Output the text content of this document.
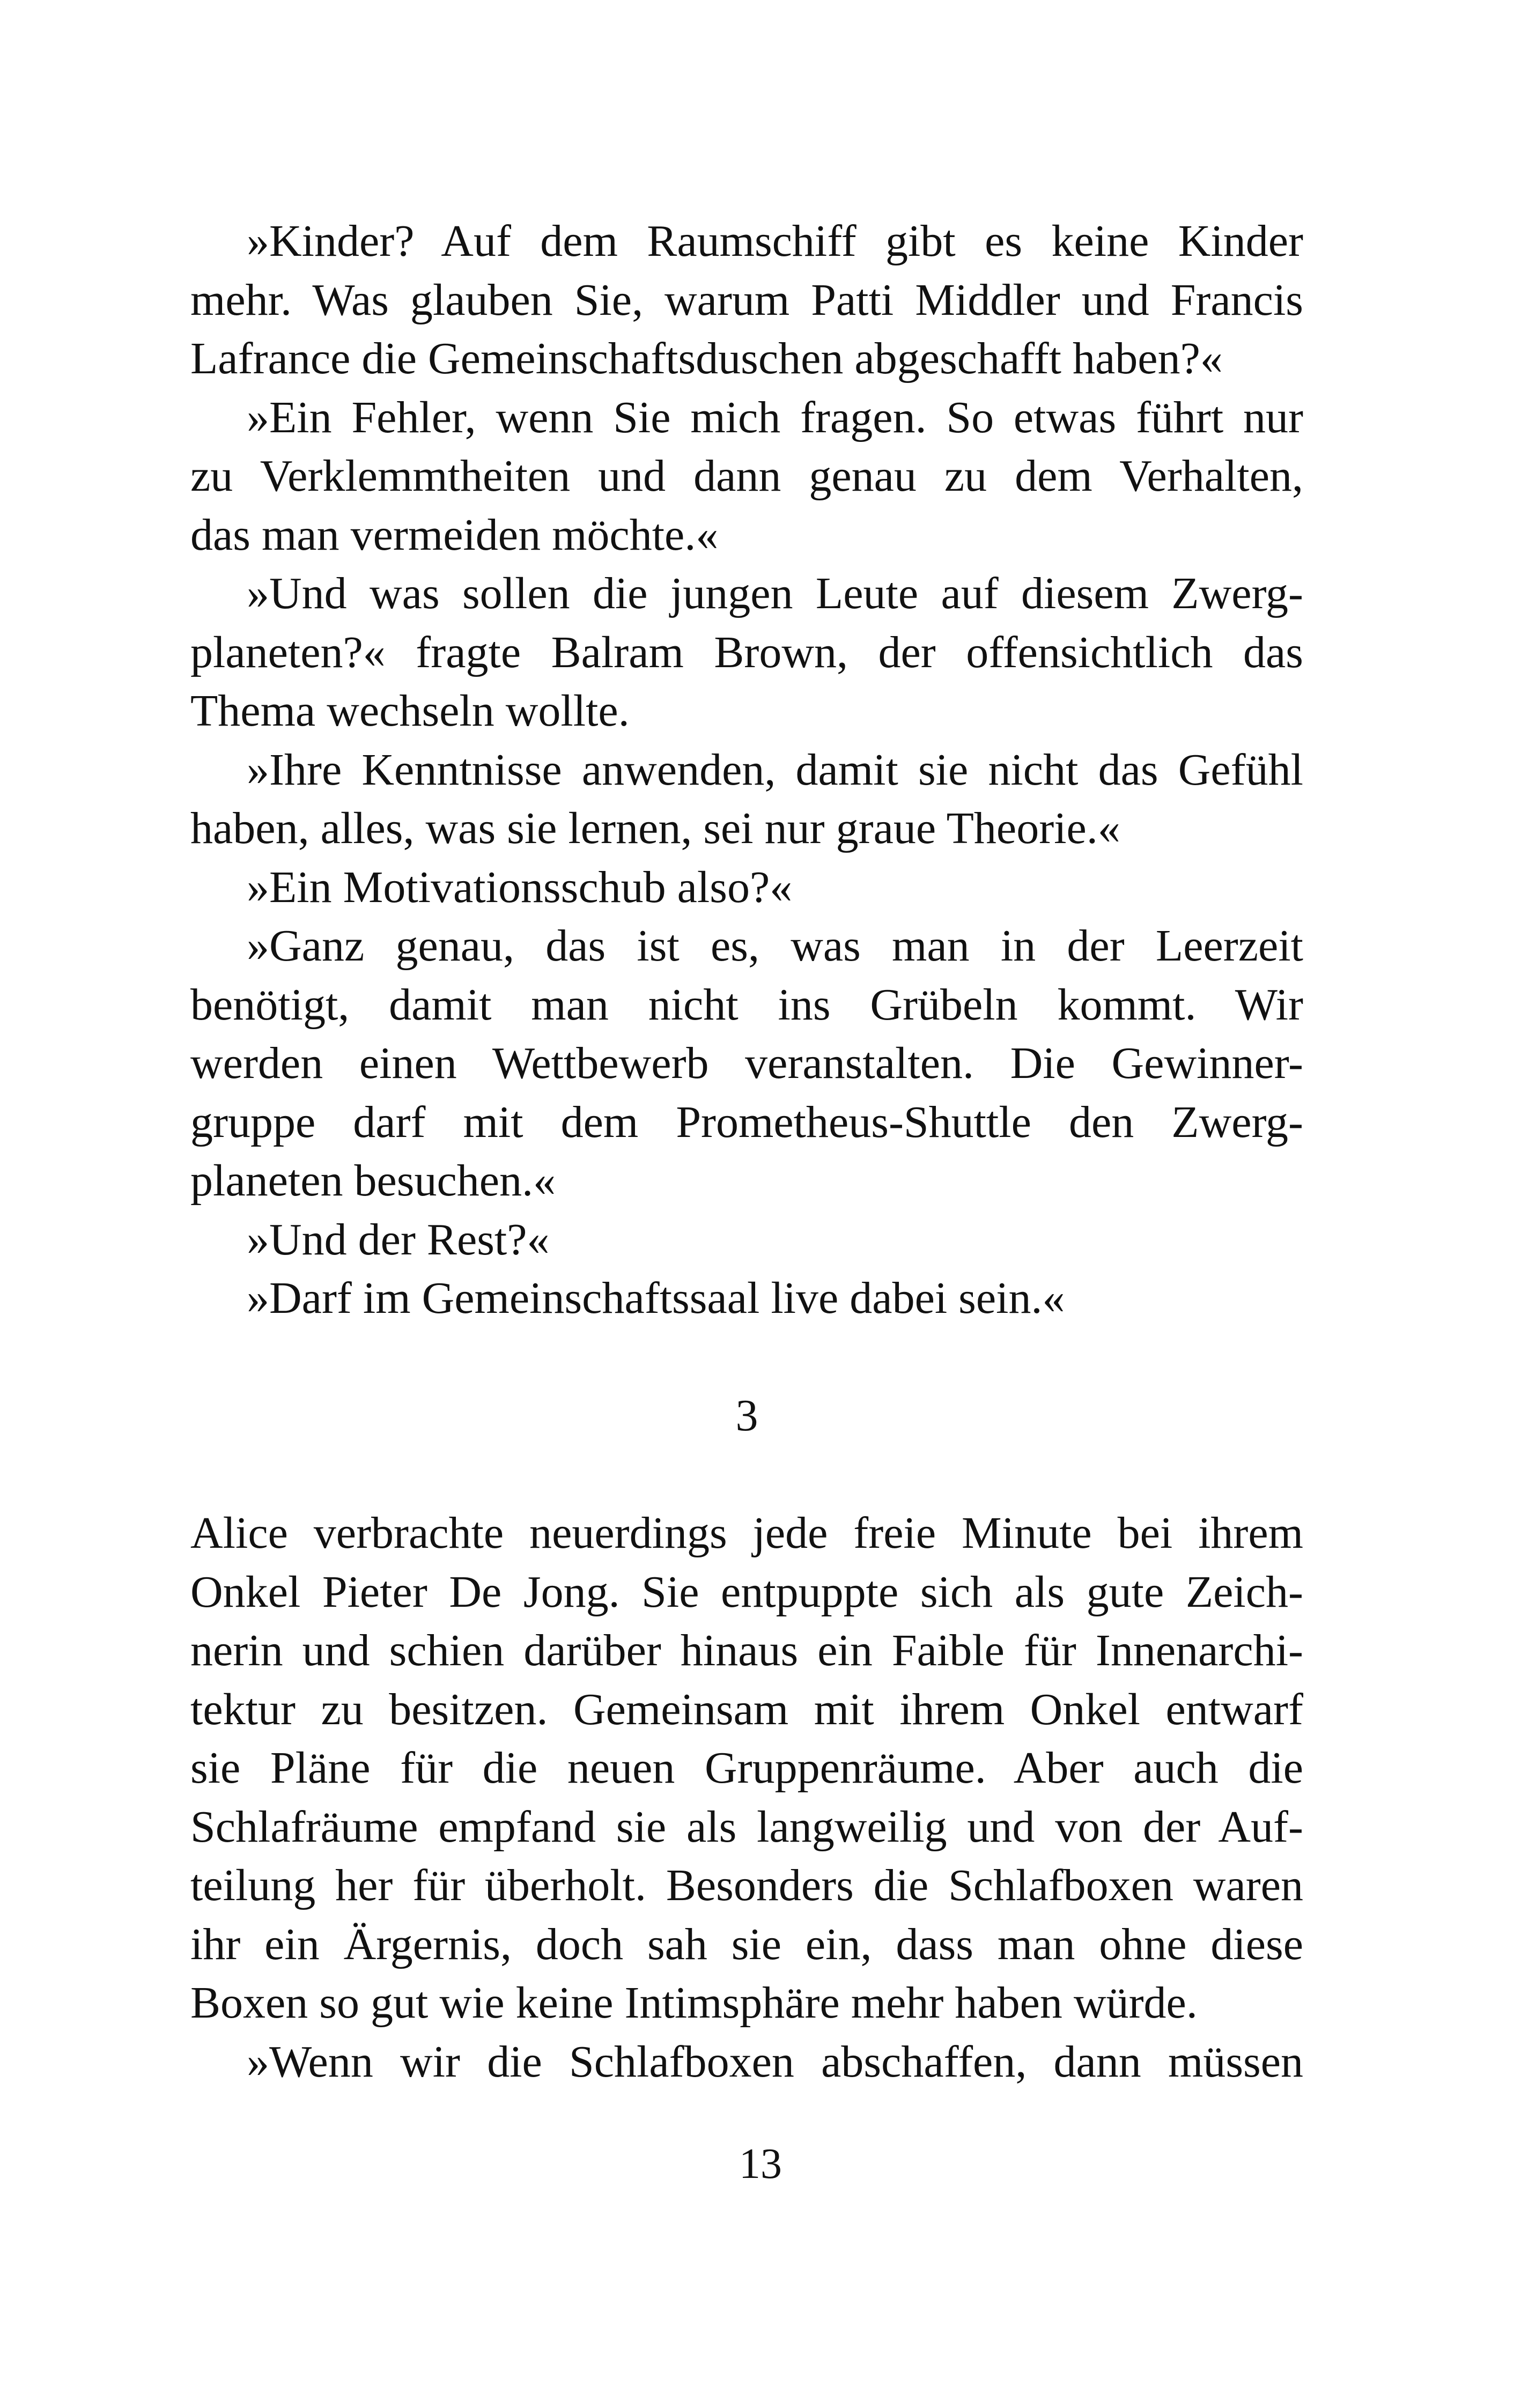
»Kinder? Auf dem Raumschiff gibt es keine Kinder
mehr. Was glauben Sie, warum Patti Middler und Francis
Lafrance die Gemeinschaftsduschen abgeschafft haben?«
»Ein Fehler, wenn Sie mich fragen. So etwas führt nur
zu Verklemmtheiten und dann genau zu dem Verhalten,
das man vermeiden möchte.«
»Und was sollen die jungen Leute auf diesem Zwerg-
planeten?« fragte Balram Brown, der offensichtlich das
Thema wechseln wollte.
»Ihre Kenntnisse anwenden, damit sie nicht das Gefühl
haben, alles, was sie lernen, sei nur graue Theorie.«
»Ein Motivationsschub also?«
»Ganz genau, das ist es, was man in der Leerzeit
benötigt, damit man nicht ins Grübeln kommt. Wir
werden einen Wettbewerb veranstalten. Die Gewinner-
gruppe darf mit dem Prometheus-Shuttle den Zwerg-
planeten besuchen.«
»Und der Rest?«
»Darf im Gemeinschaftssaal live dabei sein.«
3
Alice verbrachte neuerdings jede freie Minute bei ihrem
Onkel Pieter De Jong. Sie entpuppte sich als gute Zeich-
nerin und schien darüber hinaus ein Faible für Innenarchi-
tektur zu besitzen. Gemeinsam mit ihrem Onkel entwarf
sie Pläne für die neuen Gruppenräume. Aber auch die
Schlafräume empfand sie als langweilig und von der Auf-
teilung her für überholt. Besonders die Schlafboxen waren
ihr ein Ärgernis, doch sah sie ein, dass man ohne diese
Boxen so gut wie keine Intimsphäre mehr haben würde.
»Wenn wir die Schlafboxen abschaffen, dann müssen
13
